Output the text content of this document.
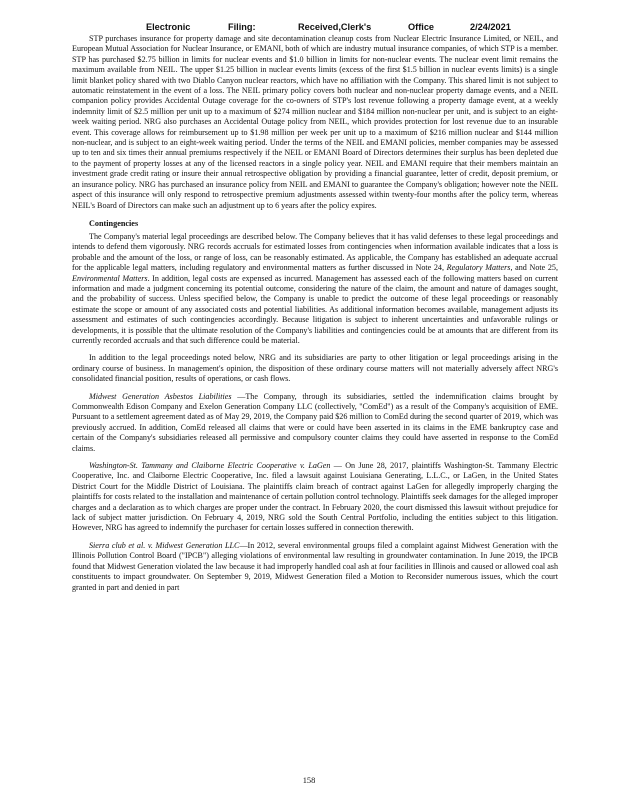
Electronic	Filing:	Received,Clerk's	Office	2/24/2021

STP purchases insurance for property damage and site decontamination cleanup costs from Nuclear Electric Insurance Limited, or NEIL, and European Mutual Association for Nuclear Insurance, or EMANI, both of which are industry mutual insurance companies, of which STP is a member. STP has purchased $2.75 billion in limits for nuclear events and $1.0 billion in limits for non-nuclear events. The nuclear event limit remains the maximum available from NEIL. The upper $1.25 billion in nuclear events limits (excess of the first $1.5 billion in nuclear events limits) is a single limit blanket policy shared with two Diablo Canyon nuclear reactors, which have no affiliation with the Company. This shared limit is not subject to automatic reinstatement in the event of a loss. The NEIL primary policy covers both nuclear and non-nuclear property damage events, and a NEIL companion policy provides Accidental Outage coverage for the co-owners of STP's lost revenue following a property damage event, at a weekly indemnity limit of $2.5 million per unit up to a maximum of $274 million nuclear and $184 million non-nuclear per unit, and is subject to an eight-week waiting period. NRG also purchases an Accidental Outage policy from NEIL, which provides protection for lost revenue due to an insurable event. This coverage allows for reimbursement up to $1.98 million per week per unit up to a maximum of $216 million nuclear and $144 million non-nuclear, and is subject to an eight-week waiting period. Under the terms of the NEIL and EMANI policies, member companies may be assessed up to ten and six times their annual premiums respectively if the NEIL or EMANI Board of Directors determines their surplus has been depleted due to the payment of property losses at any of the licensed reactors in a single policy year. NEIL and EMANI require that their members maintain an investment grade credit rating or insure their annual retrospective obligation by providing a financial guarantee, letter of credit, deposit premium, or an insurance policy. NRG has purchased an insurance policy from NEIL and EMANI to guarantee the Company's obligation; however note the NEIL aspect of this insurance will only respond to retrospective premium adjustments assessed within twenty-four months after the policy term, whereas NEIL's Board of Directors can make such an adjustment up to 6 years after the policy expires.

Contingencies

The Company's material legal proceedings are described below. The Company believes that it has valid defenses to these legal proceedings and intends to defend them vigorously. NRG records accruals for estimated losses from contingencies when information available indicates that a loss is probable and the amount of the loss, or range of loss, can be reasonably estimated. As applicable, the Company has established an adequate accrual for the applicable legal matters, including regulatory and environmental matters as further discussed in Note 24, Regulatory Matters, and Note 25, Environmental Matters. In addition, legal costs are expensed as incurred. Management has assessed each of the following matters based on current information and made a judgment concerning its potential outcome, considering the nature of the claim, the amount and nature of damages sought, and the probability of success. Unless specified below, the Company is unable to predict the outcome of these legal proceedings or reasonably estimate the scope or amount of any associated costs and potential liabilities. As additional information becomes available, management adjusts its assessment and estimates of such contingencies accordingly. Because litigation is subject to inherent uncertainties and unfavorable rulings or developments, it is possible that the ultimate resolution of the Company's liabilities and contingencies could be at amounts that are different from its currently recorded accruals and that such difference could be material.

In addition to the legal proceedings noted below, NRG and its subsidiaries are party to other litigation or legal proceedings arising in the ordinary course of business. In management's opinion, the disposition of these ordinary course matters will not materially adversely affect NRG's consolidated financial position, results of operations, or cash flows.

Midwest Generation Asbestos Liabilities —The Company, through its subsidiaries, settled the indemnification claims brought by Commonwealth Edison Company and Exelon Generation Company LLC (collectively, "ComEd") as a result of the Company's acquisition of EME. Pursuant to a settlement agreement dated as of May 29, 2019, the Company paid $26 million to ComEd during the second quarter of 2019, which was previously accrued. In addition, ComEd released all claims that were or could have been asserted in its claims in the EME bankruptcy case and certain of the Company's subsidiaries released all permissive and compulsory counter claims they could have asserted in response to the ComEd claims.

Washington-St. Tammany and Claiborne Electric Cooperative v. LaGen — On June 28, 2017, plaintiffs Washington-St. Tammany Electric Cooperative, Inc. and Claiborne Electric Cooperative, Inc. filed a lawsuit against Louisiana Generating, L.L.C., or LaGen, in the United States District Court for the Middle District of Louisiana. The plaintiffs claim breach of contract against LaGen for allegedly improperly charging the plaintiffs for costs related to the installation and maintenance of certain pollution control technology. Plaintiffs seek damages for the alleged improper charges and a declaration as to which charges are proper under the contract. In February 2020, the court dismissed this lawsuit without prejudice for lack of subject matter jurisdiction. On February 4, 2019, NRG sold the South Central Portfolio, including the entities subject to this litigation. However, NRG has agreed to indemnify the purchaser for certain losses suffered in connection therewith.

Sierra club et al. v. Midwest Generation LLC—In 2012, several environmental groups filed a complaint against Midwest Generation with the Illinois Pollution Control Board ("IPCB") alleging violations of environmental law resulting in groundwater contamination. In June 2019, the IPCB found that Midwest Generation violated the law because it had improperly handled coal ash at four facilities in Illinois and caused or allowed coal ash constituents to impact groundwater. On September 9, 2019, Midwest Generation filed a Motion to Reconsider numerous issues, which the court granted in part and denied in part

158
